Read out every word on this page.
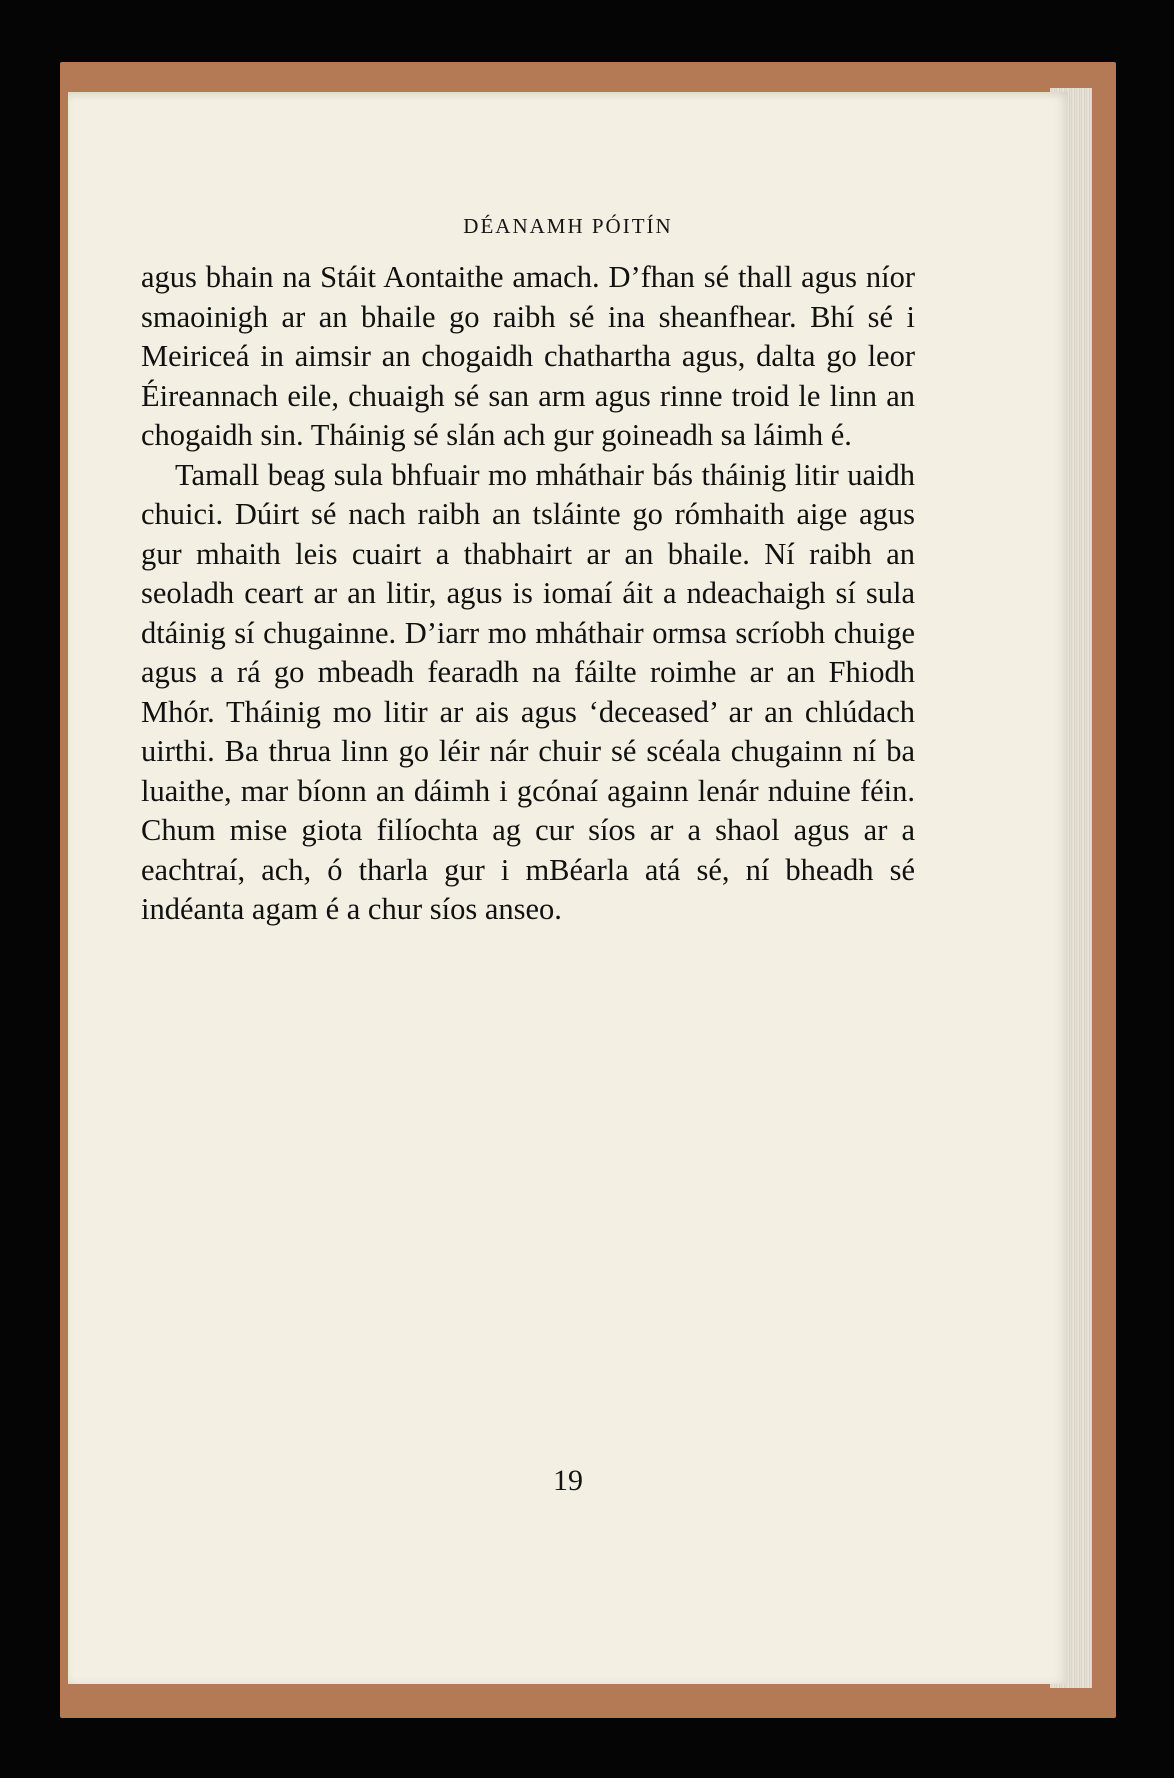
DÉANAMH PÓITÍN

agus bhain na Stáit Aontaithe amach. D’fhan sé thall agus níor smaoinigh ar an bhaile go raibh sé ina sheanfhear. Bhí sé i Meiriceá in aimsir an chogaidh chathartha agus, dalta go leor Éireannach eile, chuaigh sé san arm agus rinne troid le linn an chogaidh sin. Tháinig sé slán ach gur goineadh sa láimh é.

Tamall beag sula bhfuair mo mháthair bás tháinig litir uaidh chuici. Dúirt sé nach raibh an tsláinte go rómhaith aige agus gur mhaith leis cuairt a thabhairt ar an bhaile. Ní raibh an seoladh ceart ar an litir, agus is iomaí áit a ndeachaigh sí sula dtáinig sí chugainne. D’iarr mo mháthair ormsa scríobh chuige agus a rá go mbeadh fearadh na fáilte roimhe ar an Fhiodh Mhór. Tháinig mo litir ar ais agus ‘deceased’ ar an chlúdach uirthi. Ba thrua linn go léir nár chuir sé scéala chugainn ní ba luaithe, mar bíonn an dáimh i gcónaí againn lenár nduine féin. Chum mise giota filíochta ag cur síos ar a shaol agus ar a eachtraí, ach, ó tharla gur i mBéarla atá sé, ní bheadh sé indéanta agam é a chur síos anseo.

19
